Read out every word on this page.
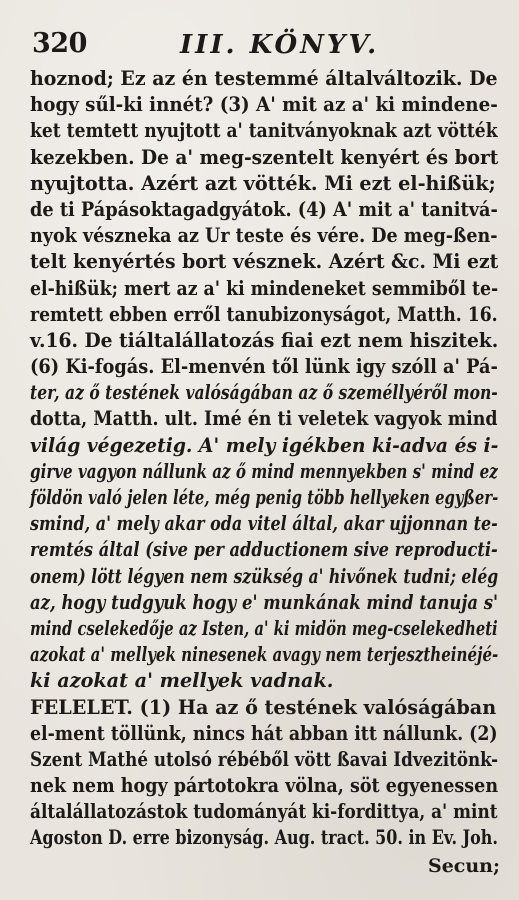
320	III. KÖNYV.
hoznod; Ez az én testemmé általváltozik. De
hogy sűl-ki innét? (3) A' mit az a' ki mindene-
ket temtett nyujtott a' tanitványoknak azt vötték
kezekben. De a' meg-szentelt kenyért és bort
nyujtotta. Azért azt vötték. Mi ezt el-hißük;
de ti Pápásoktagadgyátok. (4) A' mit a' tanitvá-
nyok vészneka az Ur teste és vére. De meg-ßen-
telt kenyértés bort vésznek. Azért &c. Mi ezt
el-hißük; mert az a' ki mindeneket semmiből te-
remtett ebben erről tanubizonyságot, Matth. 16.
v.16. De tiáltalállatozás fiai ezt nem hiszitek.
(6) Ki-fogás. El-menvén től lünk igy szóll a' Pá-
ter, az ő testének valóságában az ő személlyéről mon-
dotta, Matth. ult. Imé én ti veletek vagyok mind
világ végezetig. A' mely igékben ki-adva és i-
girve vagyon nállunk az ő mind mennyekben s' mind ez
földön való jelen léte, még penig több hellyeken egyßer-
smind, a' mely akar oda vitel által, akar ujjonnan te-
remtés által (sive per adductionem sive reproducti-
onem) lött légyen nem szükség a' hivőnek tudni; elég
az, hogy tudgyuk hogy e' munkának mind tanuja s'
mind cselekedője az Isten, a' ki midön meg-cselekedheti
azokat a' mellyek ninesenek avagy nem terjesztheinéjé-
ki azokat a' mellyek vadnak.
FELELET. (1) Ha az ő testének valóságában
el-ment töllünk, nincs hát abban itt nállunk. (2)
Szent Mathé utolsó rébéből vött ßavai Idvezitönk-
nek nem hogy pártotokra völna, söt egyenessen
általállatozástok tudományát ki-fordittya, a' mint
Agoston D. erre bizonyság. Aug. tract. 50. in Ev. Joh.
Secun;
